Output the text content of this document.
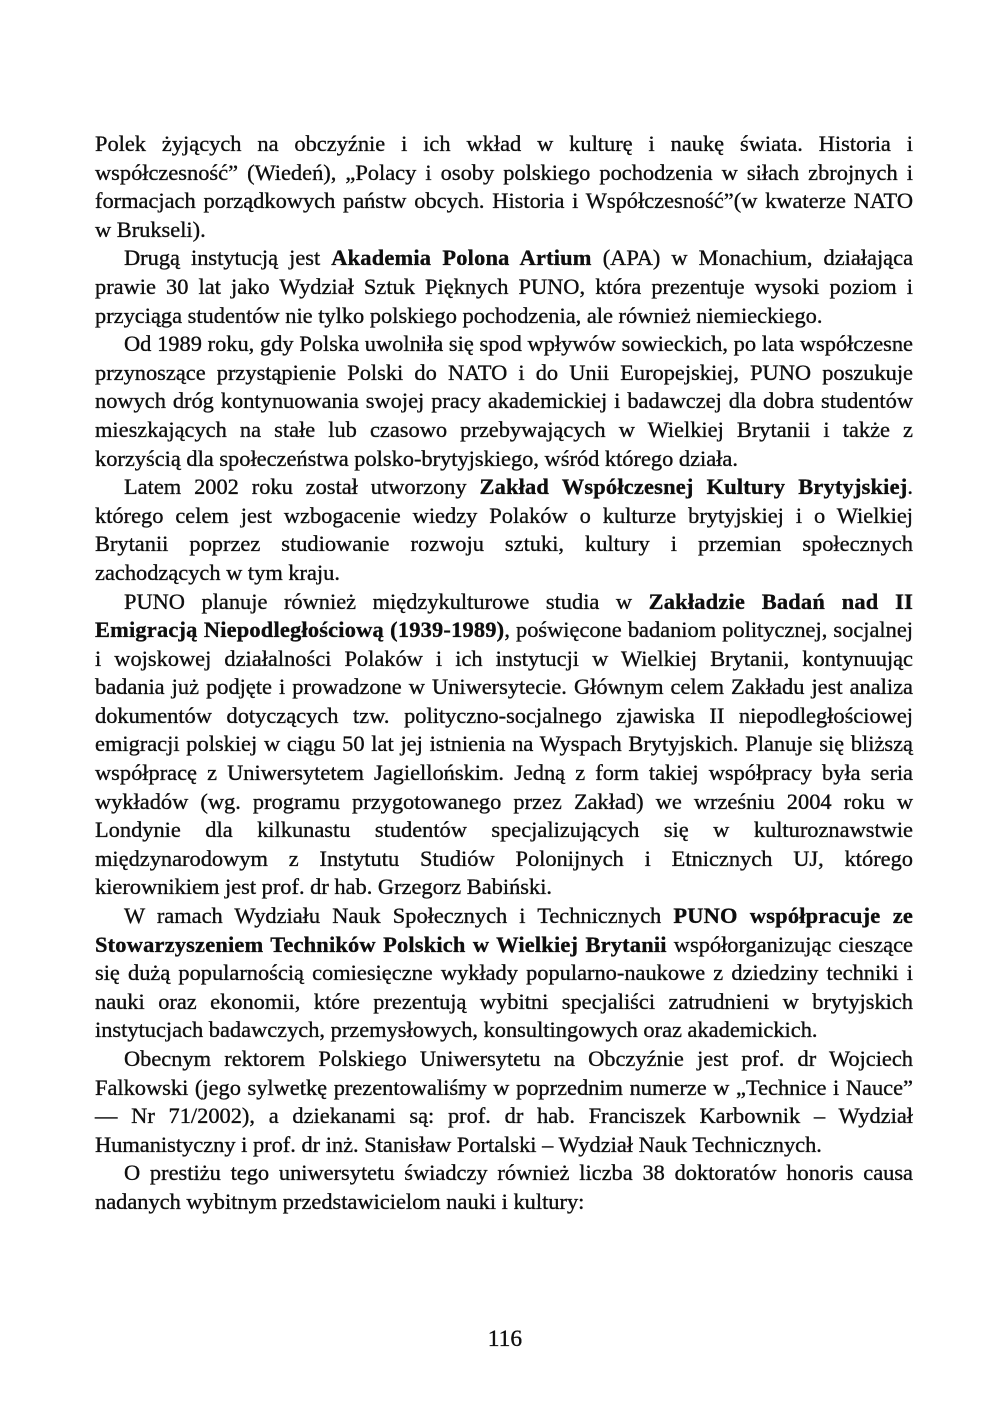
Polek żyjących na obczyźnie i ich wkład w kulturę i naukę świata. Historia i współczesność” (Wiedeń), „Polacy i osoby polskiego pochodzenia w siłach zbrojnych i formacjach porządkowych państw obcych. Historia i Współczesność”(w kwaterze NATO w Brukseli).

Drugą instytucją jest Akademia Polona Artium (APA) w Monachium, działająca prawie 30 lat jako Wydział Sztuk Pięknych PUNO, która prezentuje wysoki poziom i przyciąga studentów nie tylko polskiego pochodzenia, ale również niemieckiego.

Od 1989 roku, gdy Polska uwolniła się spod wpływów sowieckich, po lata współczesne przynoszące przystąpienie Polski do NATO i do Unii Europejskiej, PUNO poszukuje nowych dróg kontynuowania swojej pracy akademickiej i badawczej dla dobra studentów mieszkających na stałe lub czasowo przebywających w Wielkiej Brytanii i także z korzyścią dla społeczeństwa polsko-brytyjskiego, wśród którego działa.

Latem 2002 roku został utworzony Zakład Współczesnej Kultury Brytyjskiej. którego celem jest wzbogacenie wiedzy Polaków o kulturze brytyjskiej i o Wielkiej Brytanii poprzez studiowanie rozwoju sztuki, kultury i przemian społecznych zachodzących w tym kraju.

PUNO planuje również międzykulturowe studia w Zakładzie Badań nad II Emigracją Niepodległościową (1939-1989), poświęcone badaniom politycznej, socjalnej i wojskowej działalności Polaków i ich instytucji w Wielkiej Brytanii, kontynuując badania już podjęte i prowadzone w Uniwersytecie. Głównym celem Zakładu jest analiza dokumentów dotyczących tzw. polityczno-socjalnego zjawiska II niepodległościowej emigracji polskiej w ciągu 50 lat jej istnienia na Wyspach Brytyjskich. Planuje się bliższą współpracę z Uniwersytetem Jagiellońskim. Jedną z form takiej współpracy była seria wykładów (wg. programu przygotowanego przez Zakład) we wrześniu 2004 roku w Londynie dla kilkunastu studentów specjalizujących się w kulturoznawstwie międzynarodowym z Instytutu Studiów Polonijnych i Etnicznych UJ, którego kierownikiem jest prof. dr hab. Grzegorz Babiński.

W ramach Wydziału Nauk Społecznych i Technicznych PUNO współpracuje ze Stowarzyszeniem Techników Polskich w Wielkiej Brytanii współorganizując cieszące się dużą popularnością comiesięczne wykłady popularno-naukowe z dziedziny techniki i nauki oraz ekonomii, które prezentują wybitni specjaliści zatrudnieni w brytyjskich instytucjach badawczych, przemysłowych, konsultingowych oraz akademickich.

Obecnym rektorem Polskiego Uniwersytetu na Obczyźnie jest prof. dr Wojciech Falkowski (jego sylwetkę prezentowaliśmy w poprzednim numerze w „Technice i Nauce” — Nr 71/2002), a dziekanami są: prof. dr hab. Franciszek Karbownik – Wydział Humanistyczny i prof. dr inż. Stanisław Portalski – Wydział Nauk Technicznych.

O prestiżu tego uniwersytetu świadczy również liczba 38 doktoratów honoris causa nadanych wybitnym przedstawicielom nauki i kultury:

116
